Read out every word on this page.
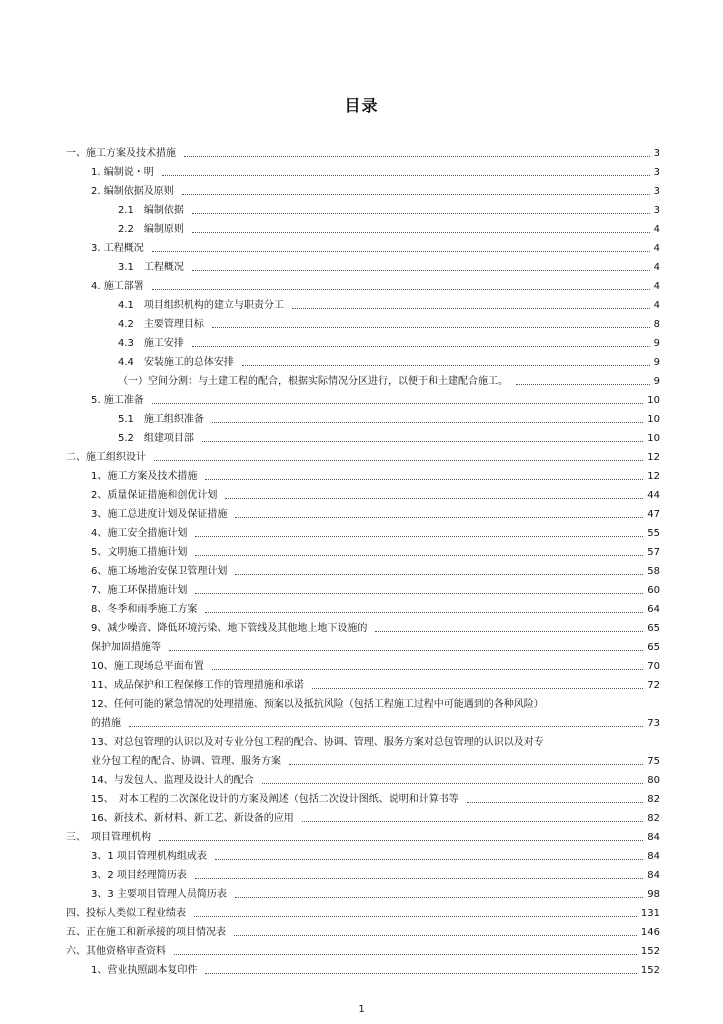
目录
一、施工方案及技术措施	3
1. 编制说・明	3
2. 编制依据及原则	3
2.1　编制依据	3
2.2　编制原则	4
3. 工程概况	4
3.1　工程概况	4
4. 施工部署	4
4.1　项目组织机构的建立与职责分工	4
4.2　主要管理目标	8
4.3　施工安排	9
4.4　安装施工的总体安排	9
（一）空间分割：与土建工程的配合，根据实际情况分区进行，以便于和土建配合施工。	9
5. 施工准备	10
5.1　施工组织准备	10
5.2　组建项目部	10
二、施工组织设计	12
1、施工方案及技术措施	12
2、质量保证措施和创优计划	44
3、施工总进度计划及保证措施	47
4、施工安全措施计划	55
5、文明施工措施计划	57
6、施工场地治安保卫管理计划	58
7、施工环保措施计划	60
8、冬季和雨季施工方案	64
9、减少噪音、降低环境污染、地下管线及其他地上地下设施的	65
保护加固措施等	65
10、施工现场总平面布置	70
11、成品保护和工程保修工作的管理措施和承诺	72
12、任何可能的紧急情况的处理措施、预案以及抵抗风险（包括工程施工过程中可能遇到的各种风险）
的措施	73
13、对总包管理的认识以及对专业分包工程的配合、协调、管理、服务方案对总包管理的认识以及对专
业分包工程的配合、协调、管理、服务方案	75
14、与发包人、监理及设计人的配合	80
15、　对本工程的二次深化设计的方案及阐述（包括二次设计图纸、说明和计算书等	82
16、新技术、新材料、新工艺、新设备的应用	82
三、　项目管理机构	84
3、1 项目管理机构组成表	84
3、2 项目经理简历表	84
3、3 主要项目管理人员简历表	98
四、投标人类似工程业绩表	131
五、正在施工和新承接的项目情况表	146
六、其他资格审查资料	152
1、营业执照副本复印件	152
1
